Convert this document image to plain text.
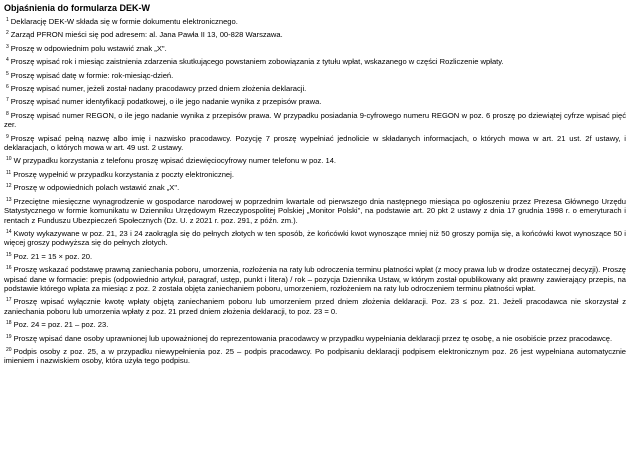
Objaśnienia do formularza DEK-W
$^1$ Deklarację DEK-W składa się w formie dokumentu elektronicznego.
$^2$ Zarząd PFRON mieści się pod adresem: al. Jana Pawła II 13, 00-828 Warszawa.
$^3$ Proszę w odpowiednim polu wstawić znak „X".
$^4$ Proszę wpisać rok i miesiąc zaistnienia zdarzenia skutkującego powstaniem zobowiązania z tytułu wpłat, wskazanego w części Rozliczenie wpłaty.
$^5$ Proszę wpisać datę w formie: rok-miesiąc-dzień.
$^6$ Proszę wpisać numer, jeżeli został nadany pracodawcy przed dniem złożenia deklaracji.
$^7$ Proszę wpisać numer identyfikacji podatkowej, o ile jego nadanie wynika z przepisów prawa.
$^8$ Proszę wpisać numer REGON, o ile jego nadanie wynika z przepisów prawa. W przypadku posiadania 9-cyfrowego numeru REGON w poz. 6 proszę po dziewiątej cyfrze wpisać pięć zer.
$^9$ Proszę wpisać pełną nazwę albo imię i nazwisko pracodawcy. Pozycję 7 proszę wypełniać jednolicie w składanych informacjach, o których mowa w art. 21 ust. 2f ustawy, i deklaracjach, o których mowa w art. 49 ust. 2 ustawy.
$^{10}$ W przypadku korzystania z telefonu proszę wpisać dziewięciocyfrowy numer telefonu w poz. 14.
$^{11}$ Proszę wypełnić w przypadku korzystania z poczty elektronicznej.
$^{12}$ Proszę w odpowiednich polach wstawić znak „X".
$^{13}$ Przeciętne miesięczne wynagrodzenie w gospodarce narodowej w poprzednim kwartale od pierwszego dnia następnego miesiąca po ogłoszeniu przez Prezesa Głównego Urzędu Statystycznego w formie komunikatu w Dzienniku Urzędowym Rzeczypospolitej Polskiej „Monitor Polski", na podstawie art. 20 pkt 2 ustawy z dnia 17 grudnia 1998 r. o emeryturach i rentach z Funduszu Ubezpieczeń Społecznych (Dz. U. z 2021 r. poz. 291, z późn. zm.).
$^{14}$ Kwoty wykazywane w poz. 21, 23 i 24 zaokrągla się do pełnych złotych w ten sposób, że końcówki kwot wynoszące mniej niż 50 groszy pomija się, a końcówki kwot wynoszące 50 i więcej groszy podwyższa się do pełnych złotych.
$^{15}$ Poz. 21 = 15 × poz. 20.
$^{16}$ Proszę wskazać podstawę prawną zaniechania poboru, umorzenia, rozłożenia na raty lub odroczenia terminu płatności wpłat (z mocy prawa lub w drodze ostatecznej decyzji). Proszę wpisać dane w formacie: prepis (odpowiednio artykuł, paragraf, ustęp, punkt i litera) / rok – pozycja Dziennika Ustaw, w którym został opublikowany akt prawny zawierający przepis, na podstawie którego wpłata za miesiąc z poz. 2 została objęta zaniechaniem poboru, umorzeniem, rozłożeniem na raty lub odroczeniem terminu płatności wpłat.
$^{17}$ Proszę wpisać wyłącznie kwotę wpłaty objętą zaniechaniem poboru lub umorzeniem przed dniem złożenia deklaracji. Poz. 23 ≤ poz. 21. Jeżeli pracodawca nie skorzystał z zaniechania poboru lub umorzenia wpłaty z poz. 21 przed dniem złożenia deklaracji, to poz. 23 = 0.
$^{18}$ Poz. 24 = poz. 21 – poz. 23.
$^{19}$ Proszę wpisać dane osoby uprawnionej lub upoważnionej do reprezentowania pracodawcy w przypadku wypełniania deklaracji przez tę osobę, a nie osobiście przez pracodawcę.
$^{20}$ Podpis osoby z poz. 25, a w przypadku niewypełnienia poz. 25 – podpis pracodawcy. Po podpisaniu deklaracji podpisem elektronicznym poz. 26 jest wypełniana automatycznie imieniem i nazwiskiem osoby, która użyła tego podpisu.
